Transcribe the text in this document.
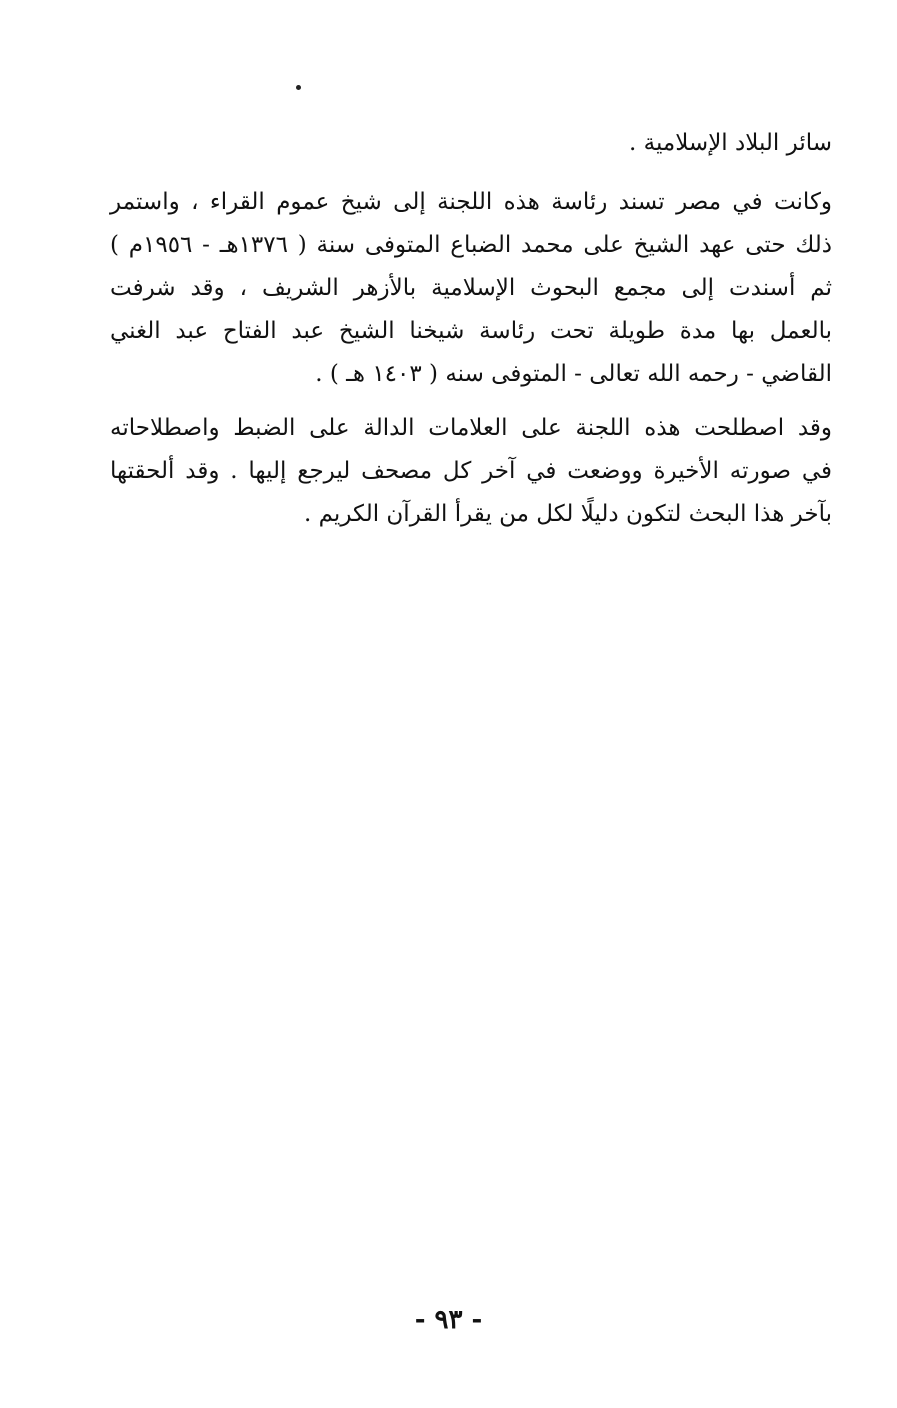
سائر البلاد الإسلامية .
وكانت في مصر تسند رئاسة هذه اللجنة إلى شيخ عموم القراء ، واستمر
ذلك حتى عهد الشيخ على محمد الضباع المتوفى سنة ( ١٣٧٦هـ - ١٩٥٦م )
ثم أسندت إلى مجمع البحوث الإسلامية بالأزهر الشريف ، وقد شرفت
بالعمل بها مدة طويلة تحت رئاسة شيخنا الشيخ عبد الفتاح عبد الغني
القاضي - رحمه الله تعالى - المتوفى سنه ( ١٤٠٣ هـ ) .
وقد اصطلحت هذه اللجنة على العلامات الدالة على الضبط واصطلاحاته
في صورته الأخيرة ووضعت في آخر كل مصحف ليرجع إليها . وقد ألحقتها
بآخر هذا البحث لتكون دليلًا لكل من يقرأ القرآن الكريم .
- ٩٣ -
